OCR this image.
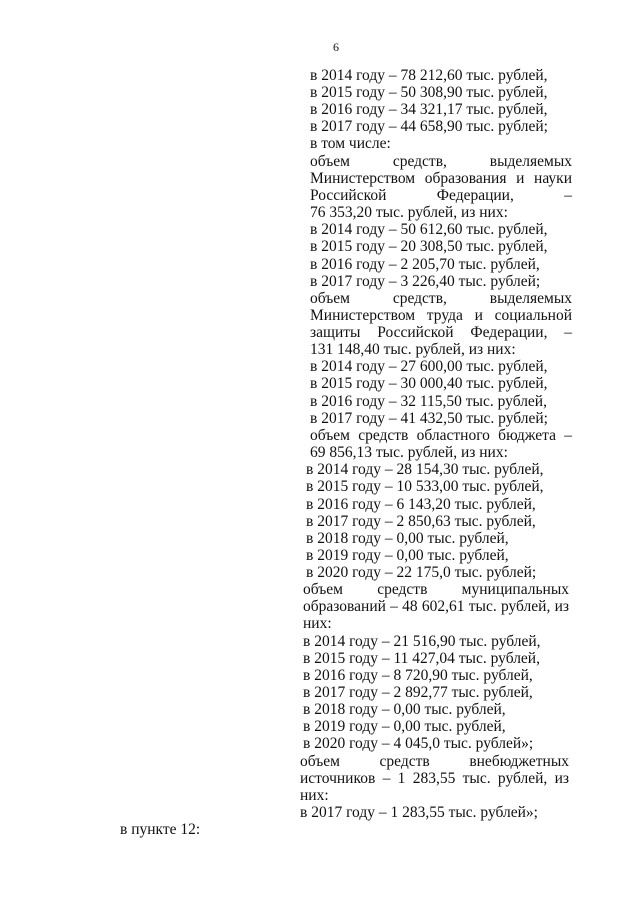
6
в 2014 году – 78 212,60 тыс. рублей,
в 2015 году – 50 308,90 тыс. рублей,
в 2016 году – 34 321,17 тыс. рублей,
в 2017 году – 44 658,90 тыс. рублей;
в том числе:
объем средств, выделяемых
Министерством образования и науки
Российской Федерации, –
76 353,20 тыс. рублей, из них:
в 2014 году – 50 612,60 тыс. рублей,
в 2015 году – 20 308,50 тыс. рублей,
в 2016 году – 2 205,70 тыс. рублей,
в 2017 году – 3 226,40 тыс. рублей;
объем средств, выделяемых
Министерством труда и социальной
защиты Российской Федерации, –
131 148,40 тыс. рублей, из них:
в 2014 году – 27 600,00 тыс. рублей,
в 2015 году – 30 000,40 тыс. рублей,
в 2016 году – 32 115,50 тыс. рублей,
в 2017 году – 41 432,50 тыс. рублей;
объем средств областного бюджета –
69 856,13 тыс. рублей, из них:
в 2014 году – 28 154,30 тыс. рублей,
в 2015 году – 10 533,00 тыс. рублей,
в 2016 году – 6 143,20 тыс. рублей,
в 2017 году – 2 850,63 тыс. рублей,
в 2018 году – 0,00 тыс. рублей,
в 2019 году – 0,00 тыс. рублей,
в 2020 году – 22 175,0 тыс. рублей;
объем средств муниципальных
образований – 48 602,61 тыс. рублей, из
них:
в 2014 году – 21 516,90 тыс. рублей,
в 2015 году – 11 427,04 тыс. рублей,
в 2016 году – 8 720,90 тыс. рублей,
в 2017 году – 2 892,77 тыс. рублей,
в 2018 году – 0,00 тыс. рублей,
в 2019 году – 0,00 тыс. рублей,
в 2020 году – 4 045,0 тыс. рублей»;
объем средств внебюджетных
источников – 1 283,55 тыс. рублей, из
них:
в 2017 году – 1 283,55 тыс. рублей»;
в пункте 12:
